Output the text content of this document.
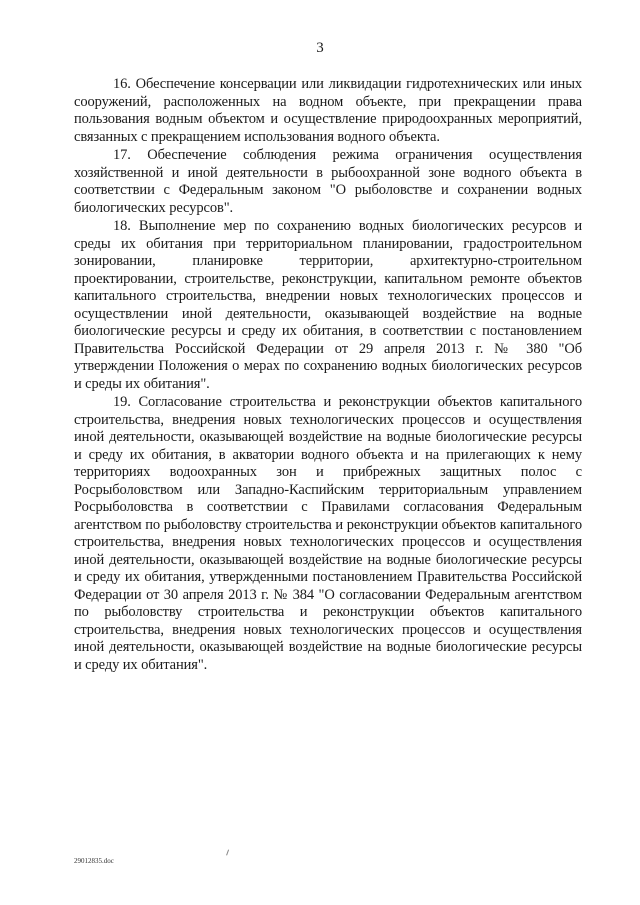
3

16. Обеспечение консервации или ликвидации гидротехнических или иных сооружений, расположенных на водном объекте, при прекращении права пользования водным объектом и осуществление природоохранных мероприятий, связанных с прекращением использования водного объекта.

17. Обеспечение соблюдения режима ограничения осуществления хозяйственной и иной деятельности в рыбоохранной зоне водного объекта в соответствии с Федеральным законом "О рыболовстве и сохранении водных биологических ресурсов".

18. Выполнение мер по сохранению водных биологических ресурсов и среды их обитания при территориальном планировании, градостроительном зонировании, планировке территории, архитектурно-строительном проектировании, строительстве, реконструкции, капитальном ремонте объектов капитального строительства, внедрении новых технологических процессов и осуществлении иной деятельности, оказывающей воздействие на водные биологические ресурсы и среду их обитания, в соответствии с постановлением Правительства Российской Федерации от 29 апреля 2013 г. № 380 "Об утверждении Положения о мерах по сохранению водных биологических ресурсов и среды их обитания".

19. Согласование строительства и реконструкции объектов капитального строительства, внедрения новых технологических процессов и осуществления иной деятельности, оказывающей воздействие на водные биологические ресурсы и среду их обитания, в акватории водного объекта и на прилегающих к нему территориях водоохранных зон и прибрежных защитных полос с Росрыболовством или Западно-Каспийским территориальным управлением Росрыболовства в соответствии с Правилами согласования Федеральным агентством по рыболовству строительства и реконструкции объектов капитального строительства, внедрения новых технологических процессов и осуществления иной деятельности, оказывающей воздействие на водные биологические ресурсы и среду их обитания, утвержденными постановлением Правительства Российской Федерации от 30 апреля 2013 г. № 384 "О согласовании Федеральным агентством по рыболовству строительства и реконструкции объектов капитального строительства, внедрения новых технологических процессов и осуществления иной деятельности, оказывающей воздействие на водные биологические ресурсы и среду их обитания".

29012835.doc
